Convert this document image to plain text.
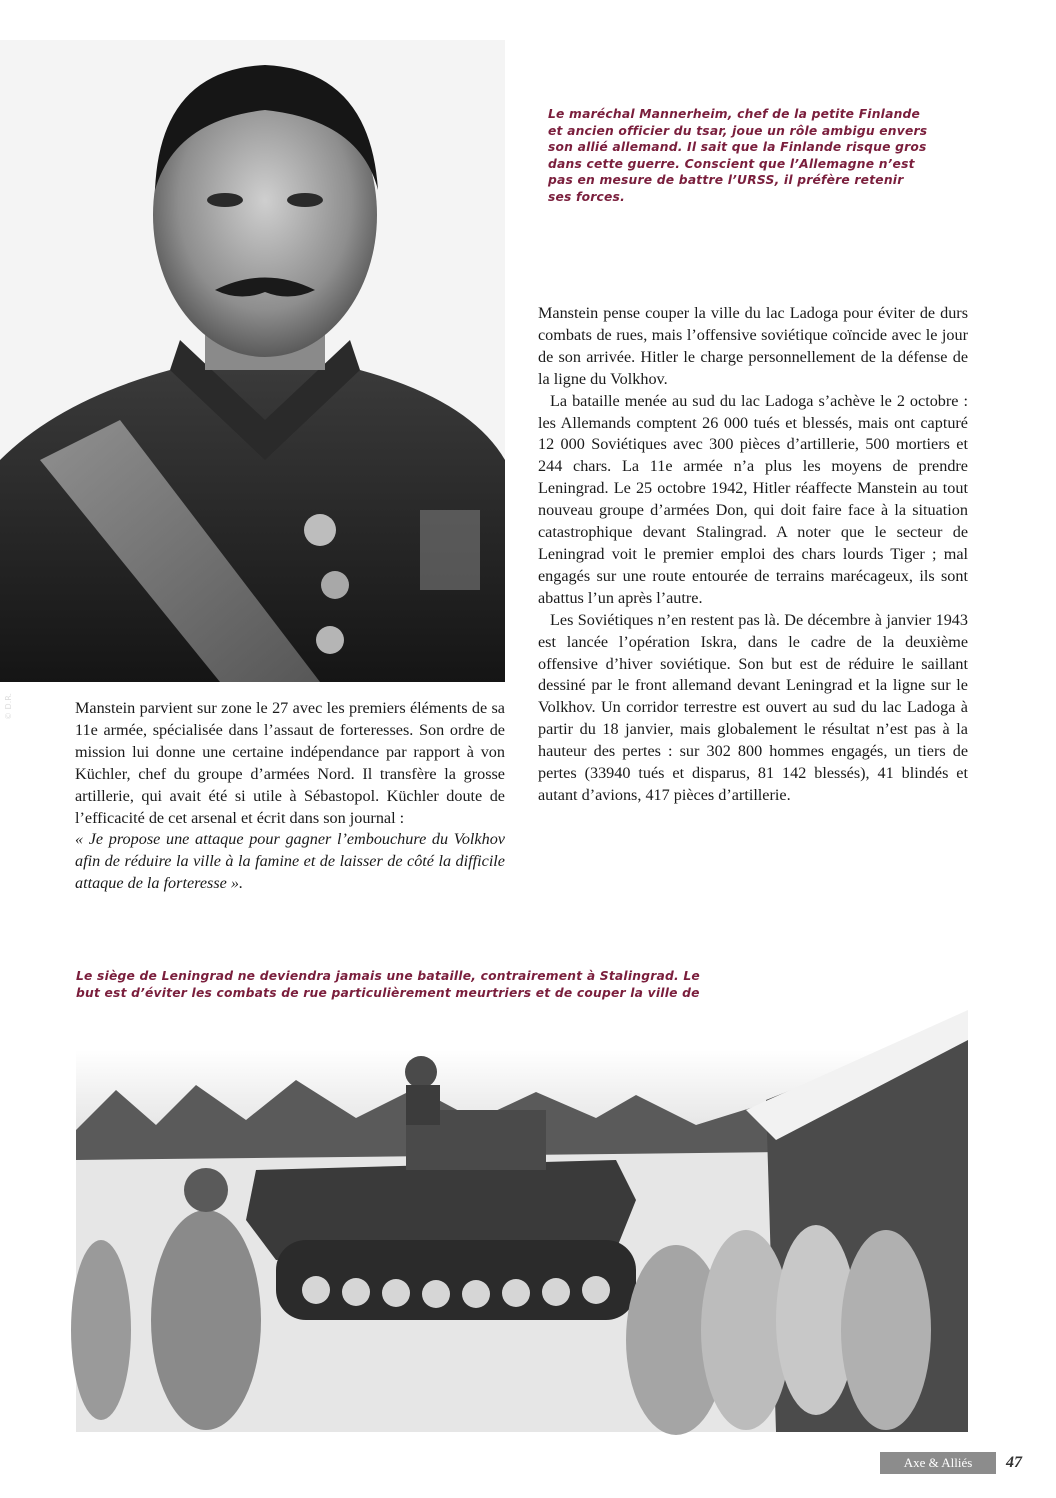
© D.R.
Le maréchal Mannerheim, chef de la petite Finlande et ancien officier du tsar, joue un rôle ambigu envers son allié allemand. Il sait que la Finlande risque gros dans cette guerre. Conscient que l’Allemagne n’est pas en mesure de battre l’URSS, il préfère retenir ses forces.

Manstein pense couper la ville du lac Ladoga pour éviter de durs combats de rues, mais l’offensive soviétique coïncide avec le jour de son arrivée. Hitler le charge personnellement de la défense de la ligne du Volkhov.

La bataille menée au sud du lac Ladoga s’achève le 2 octobre : les Allemands comptent 26 000 tués et blessés, mais ont capturé 12 000 Soviétiques avec 300 pièces d’artillerie, 500 mortiers et 244 chars. La 11e armée n’a plus les moyens de prendre Leningrad. Le 25 octobre 1942, Hitler réaffecte Manstein au tout nouveau groupe d’armées Don, qui doit faire face à la situation catastrophique devant Stalingrad. A noter que le secteur de Leningrad voit le premier emploi des chars lourds Tiger ; mal engagés sur une route entourée de terrains marécageux, ils sont abattus l’un après l’autre.

Les Soviétiques n’en restent pas là. De décembre à janvier 1943 est lancée l’opération Iskra, dans le cadre de la deuxième offensive d’hiver soviétique. Son but est de réduire le saillant dessiné par le front allemand devant Leningrad et la ligne sur le Volkhov. Un corridor terrestre est ouvert au sud du lac Ladoga à partir du 18 janvier, mais globalement le résultat n’est pas à la hauteur des pertes : sur 302 800 hommes engagés, un tiers de pertes (33940 tués et disparus, 81 142 blessés), 41 blindés et autant d’avions, 417 pièces d’artillerie.

Manstein parvient sur zone le 27 avec les premiers éléments de sa 11e armée, spécialisée dans l’assaut de forteresses. Son ordre de mission lui donne une certaine indépendance par rapport à von Küchler, chef du groupe d’armées Nord. Il transfère la grosse artillerie, qui avait été si utile à Sébastopol. Küchler doute de l’efficacité de cet arsenal et écrit dans son journal :

« Je propose une attaque pour gagner l’embouchure du Volkhov afin de réduire la ville à la famine et de laisser de côté la difficile attaque de la forteresse ».

Le siège de Leningrad ne deviendra jamais une bataille, contrairement à Stalingrad. Le but est d’éviter les combats de rue particulièrement meurtriers et de couper la ville de
Axe & Alliés	47
